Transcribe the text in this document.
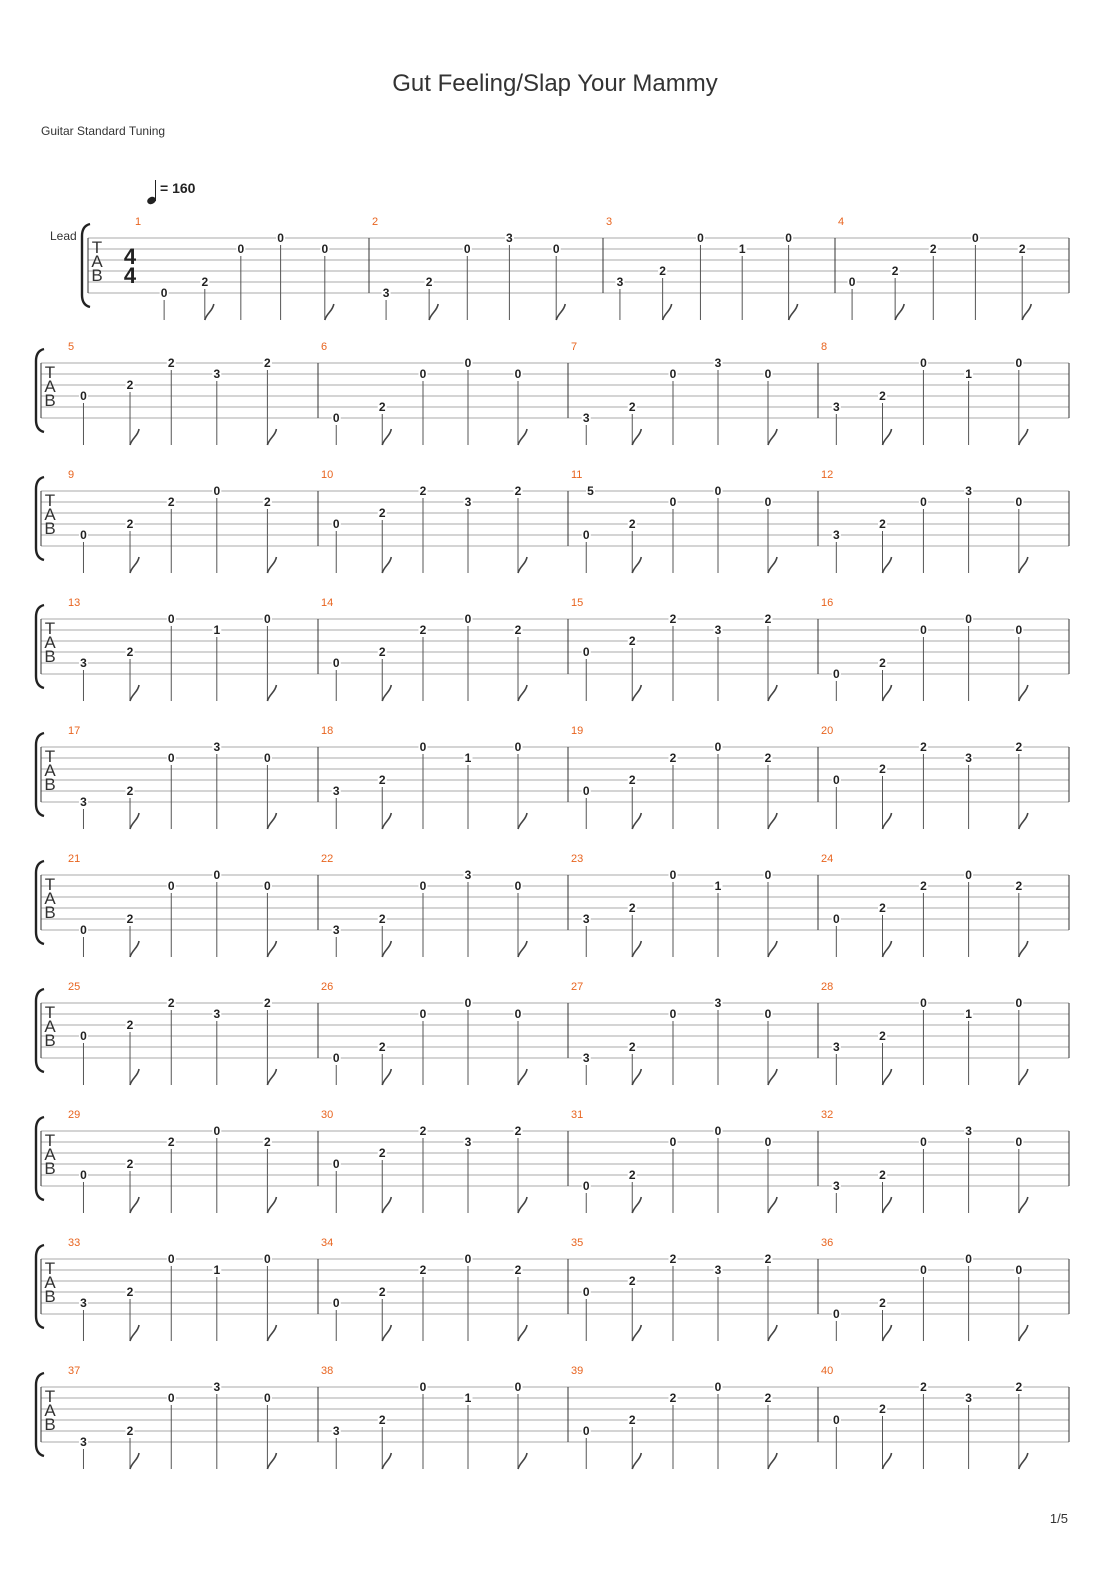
Gut Feeling/Slap Your Mammy
Guitar Standard Tuning
= 160
Lead
T
A
B
4
4
1
0
2
0
0
0
2
3
2
0
3
0
3
3
2
0
1
0
4
0
2
2
0
2
T
A
B
5
0
2
2
3
2
6
0
2
0
0
0
7
3
2
0
3
0
8
3
2
0
1
0
T
A
B
9
0
2
2
0
2
10
0
2
2
3
2
11
5
0
2
0
0
0
12
3
2
0
3
0
T
A
B
13
3
2
0
1
0
14
0
2
2
0
2
15
0
2
2
3
2
16
0
2
0
0
0
T
A
B
17
3
2
0
3
0
18
3
2
0
1
0
19
0
2
2
0
2
20
0
2
2
3
2
T
A
B
21
0
2
0
0
0
22
3
2
0
3
0
23
3
2
0
1
0
24
0
2
2
0
2
T
A
B
25
0
2
2
3
2
26
0
2
0
0
0
27
3
2
0
3
0
28
3
2
0
1
0
T
A
B
29
0
2
2
0
2
30
0
2
2
3
2
31
0
2
0
0
0
32
3
2
0
3
0
T
A
B
33
3
2
0
1
0
34
0
2
2
0
2
35
0
2
2
3
2
36
0
2
0
0
0
T
A
B
37
3
2
0
3
0
38
3
2
0
1
0
39
0
2
2
0
2
40
0
2
2
3
2
1/5
